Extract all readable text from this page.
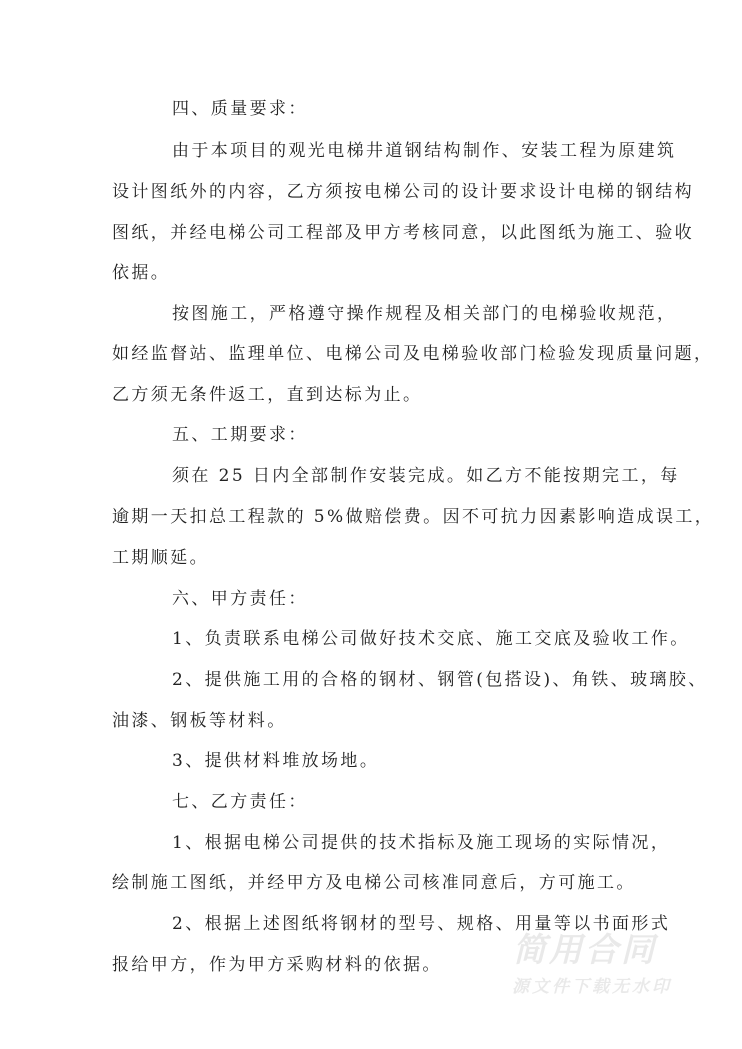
四、质量要求：
由于本项目的观光电梯井道钢结构制作、安装工程为原建筑
设计图纸外的内容，乙方须按电梯公司的设计要求设计电梯的钢结构
图纸，并经电梯公司工程部及甲方考核同意，以此图纸为施工、验收
依据。
按图施工，严格遵守操作规程及相关部门的电梯验收规范，
如经监督站、监理单位、电梯公司及电梯验收部门检验发现质量问题，
乙方须无条件返工，直到达标为止。
五、工期要求：
须在 25 日内全部制作安装完成。如乙方不能按期完工，每
逾期一天扣总工程款的 5%做赔偿费。因不可抗力因素影响造成误工，
工期顺延。
六、甲方责任：
1、负责联系电梯公司做好技术交底、施工交底及验收工作。
2、提供施工用的合格的钢材、钢管(包搭设)、角铁、玻璃胶、
油漆、钢板等材料。
3、提供材料堆放场地。
七、乙方责任：
1、根据电梯公司提供的技术指标及施工现场的实际情况，
绘制施工图纸，并经甲方及电梯公司核准同意后，方可施工。
2、根据上述图纸将钢材的型号、规格、用量等以书面形式
报给甲方，作为甲方采购材料的依据。	简用合同
源文件下载无水印
